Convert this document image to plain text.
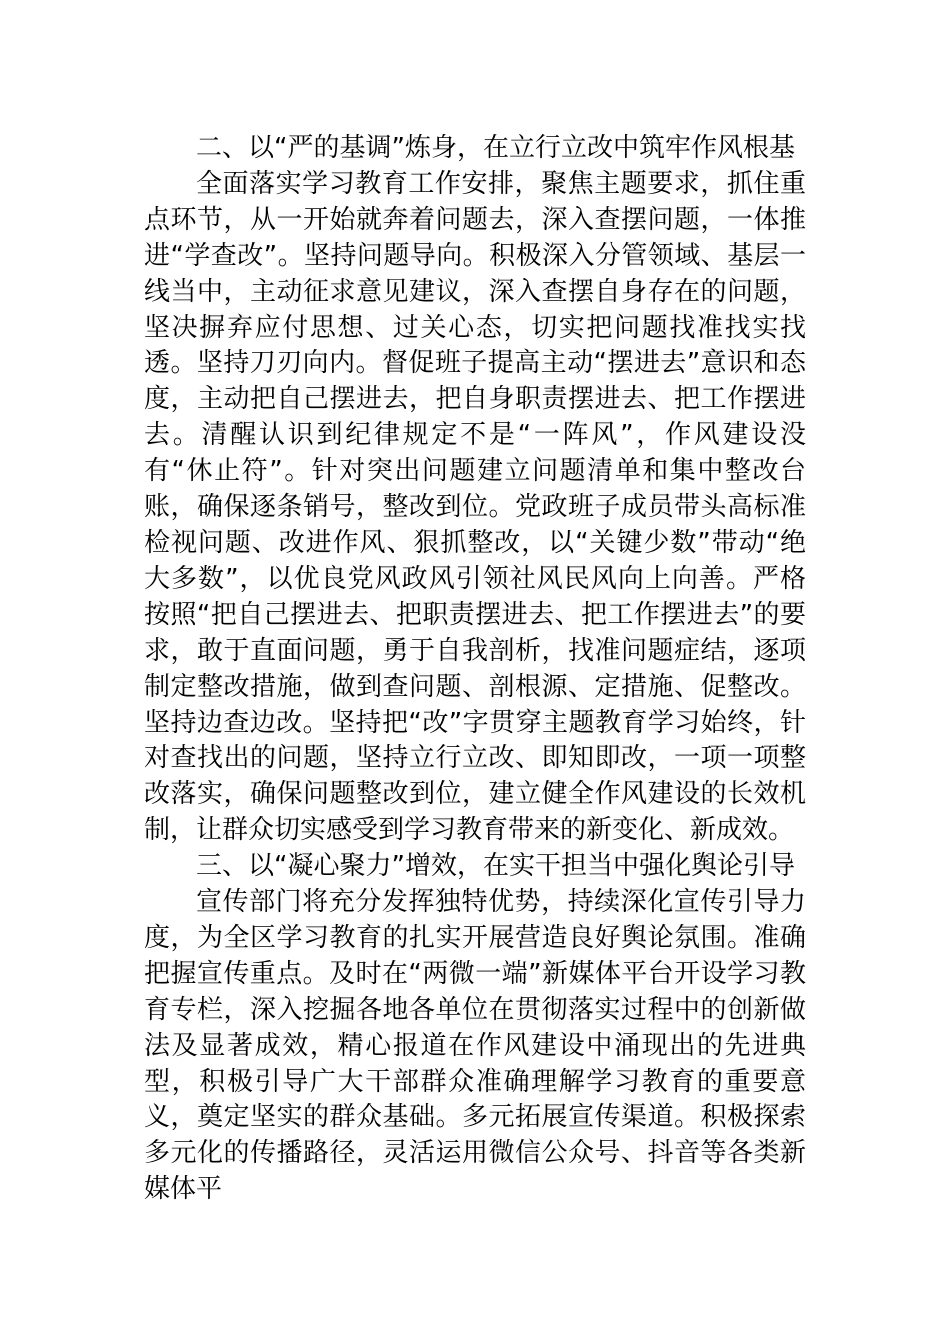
二、以“严的基调”炼身，在立行立改中筑牢作风根基

全面落实学习教育工作安排，聚焦主题要求，抓住重点环节，从一开始就奔着问题去，深入查摆问题，一体推进“学查改”。坚持问题导向。积极深入分管领域、基层一线当中，主动征求意见建议，深入查摆自身存在的问题，坚决摒弃应付思想、过关心态，切实把问题找准找实找透。坚持刀刃向内。督促班子提高主动“摆进去”意识和态度，主动把自己摆进去，把自身职责摆进去、把工作摆进去。清醒认识到纪律规定不是“一阵风”，作风建设没有“休止符”。针对突出问题建立问题清单和集中整改台账，确保逐条销号，整改到位。党政班子成员带头高标准检视问题、改进作风、狠抓整改，以“关键少数”带动“绝大多数”，以优良党风政风引领社风民风向上向善。严格按照“把自己摆进去、把职责摆进去、把工作摆进去”的要求，敢于直面问题，勇于自我剖析，找准问题症结，逐项制定整改措施，做到查问题、剖根源、定措施、促整改。坚持边查边改。坚持把“改”字贯穿主题教育学习始终，针对查找出的问题，坚持立行立改、即知即改，一项一项整改落实，确保问题整改到位，建立健全作风建设的长效机制，让群众切实感受到学习教育带来的新变化、新成效。

三、以“凝心聚力”增效，在实干担当中强化舆论引导

宣传部门将充分发挥独特优势，持续深化宣传引导力度，为全区学习教育的扎实开展营造良好舆论氛围。准确把握宣传重点。及时在“两微一端”新媒体平台开设学习教育专栏，深入挖掘各地各单位在贯彻落实过程中的创新做法及显著成效，精心报道在作风建设中涌现出的先进典型，积极引导广大干部群众准确理解学习教育的重要意义，奠定坚实的群众基础。多元拓展宣传渠道。积极探索多元化的传播路径，灵活运用微信公众号、抖音等各类新媒体平
